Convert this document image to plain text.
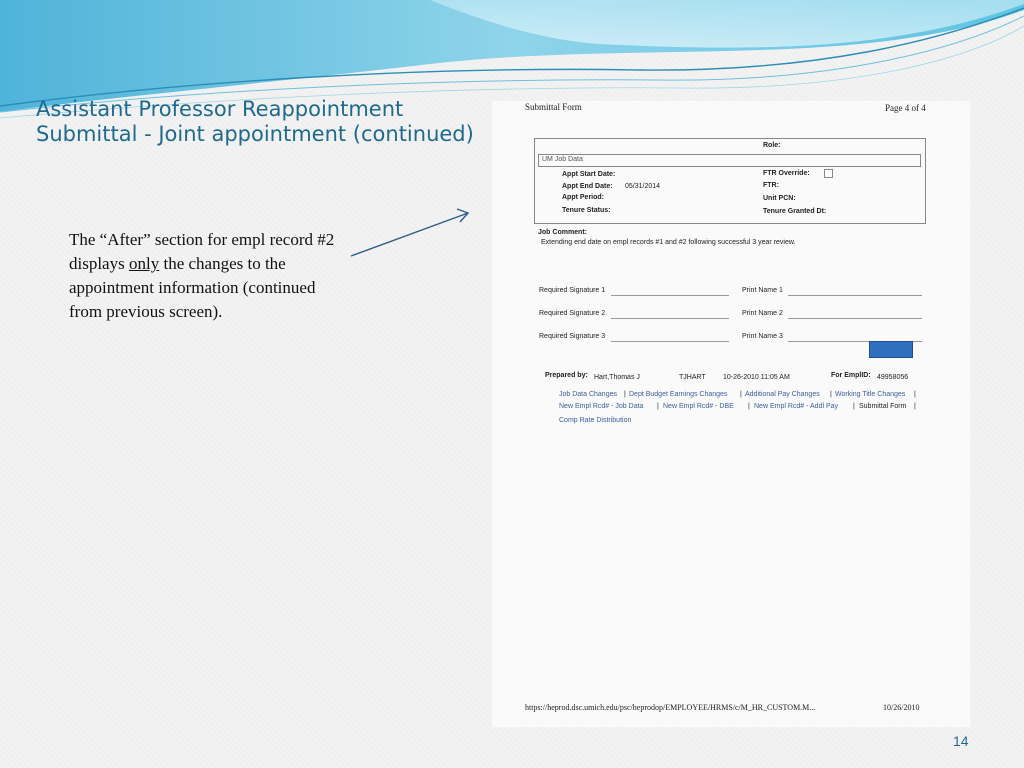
Assistant Professor Reappointment
Submittal - Joint appointment (continued)
The “After” section for empl record #2 displays only the changes to the appointment information (continued from previous screen).
Submittal Form	Page 4 of 4
Role:
UM Job Data
Appt Start Date:
Appt End Date: 05/31/2014
Appt Period:
Tenure Status:
FTR Override:
FTR:
Unit PCN:
Tenure Granted Dt:
Job Comment:
Extending end date on empl records #1 and #2 following successful 3 year review.
Required Signature 1	Print Name 1
Required Signature 2	Print Name 2
Required Signature 3	Print Name 3
Prepared by: Hart,Thomas J	TJHART 10-26-2010 11:05 AM	For EmplID: 49958056
Job Data Changes | Dept Budget Earnings Changes | Additional Pay Changes | Working Title Changes |
New Empl Rcd# - Job Data | New Empl Rcd# - DBE | New Empl Rcd# - Addl Pay | Submittal Form |
Comp Rate Distribution
https://heprod.dsc.umich.edu/psc/heprodop/EMPLOYEE/HRMS/c/M_HR_CUSTOM.M...	10/26/2010
14
